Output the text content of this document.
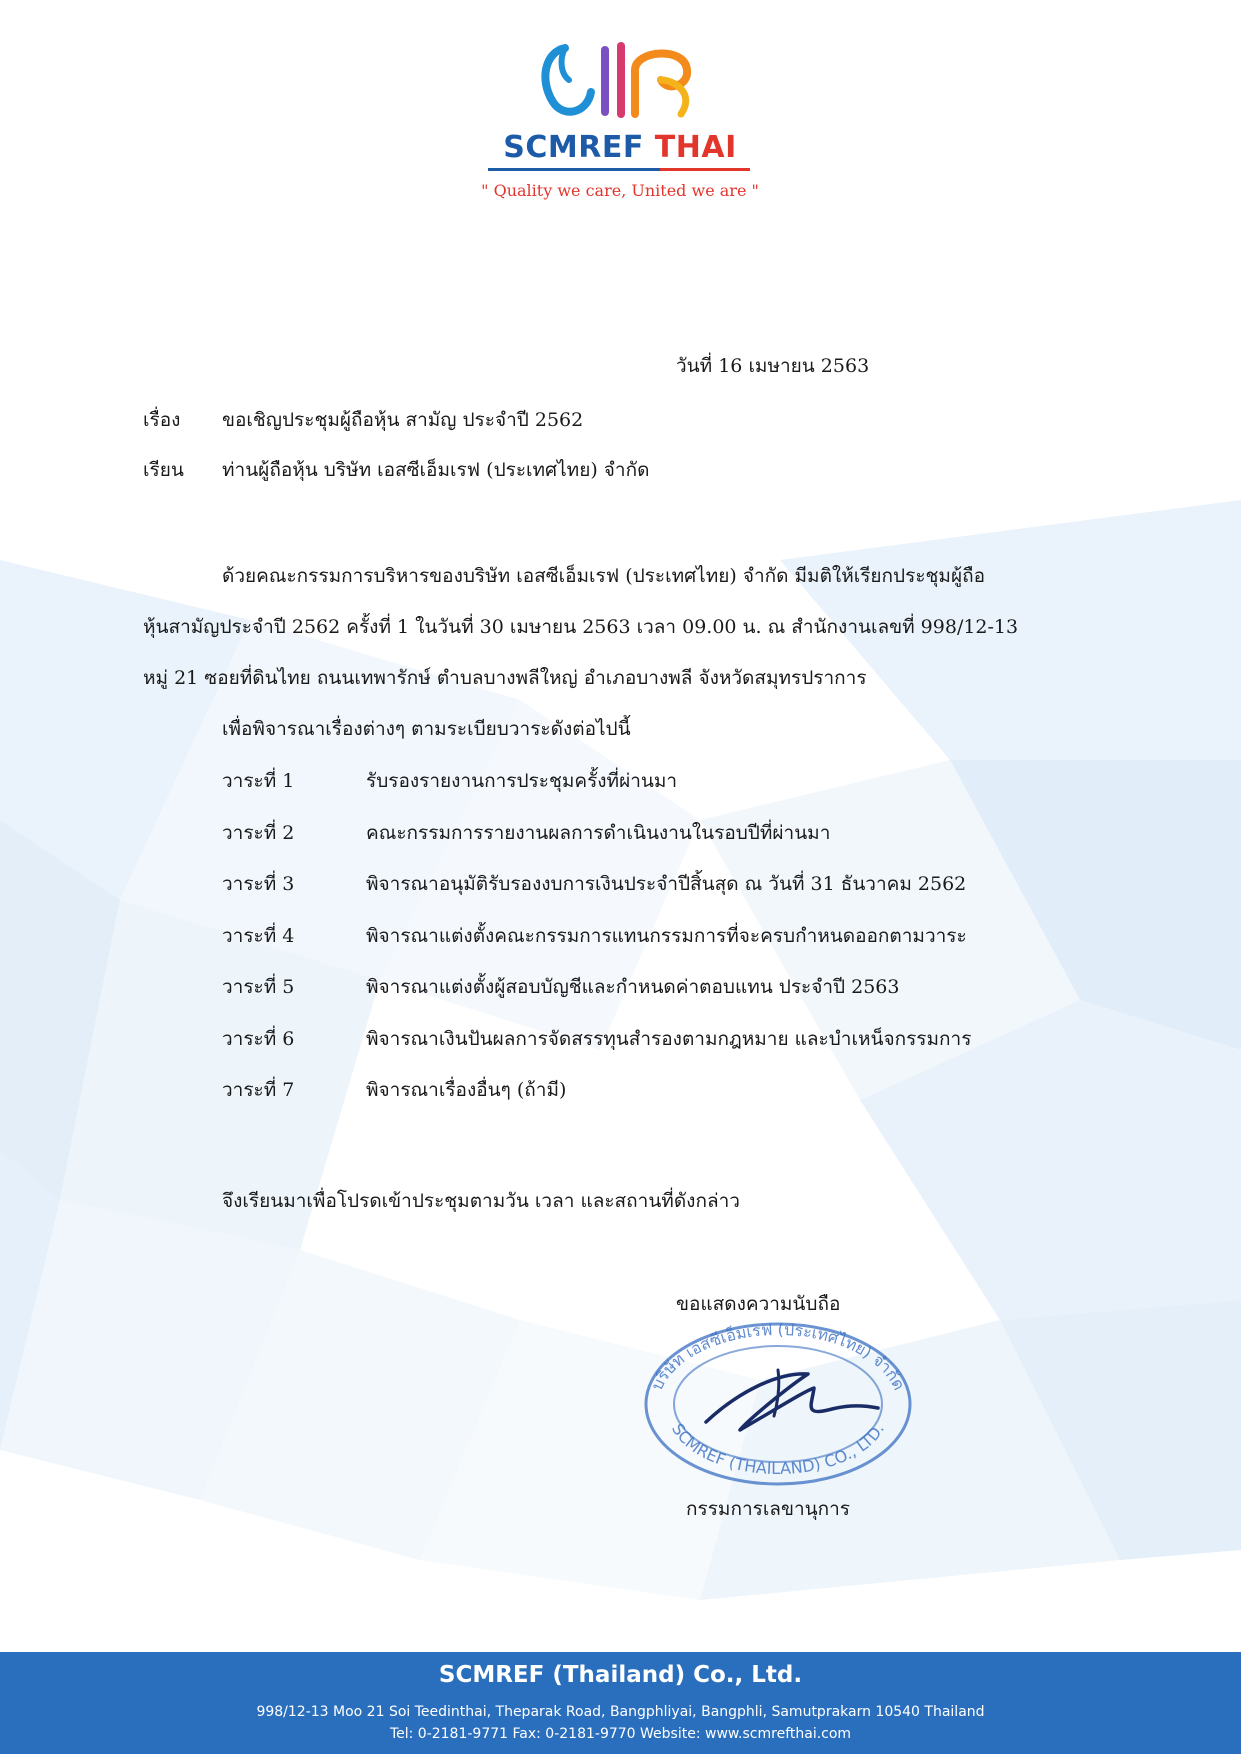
SCMREF THAI
" Quality we care, United we are "
วันที่ 16 เมษายน 2563
เรื่อง ขอเชิญประชุมผู้ถือหุ้น สามัญ ประจำปี 2562
เรียน ท่านผู้ถือหุ้น บริษัท เอสซีเอ็มเรฟ (ประเทศไทย) จำกัด
ด้วยคณะกรรมการบริหารของบริษัท เอสซีเอ็มเรฟ (ประเทศไทย) จำกัด มีมติให้เรียกประชุมผู้ถือ
หุ้นสามัญประจำปี 2562 ครั้งที่ 1 ในวันที่ 30 เมษายน 2563 เวลา 09.00 น. ณ สำนักงานเลขที่ 998/12-13
หมู่ 21 ซอยที่ดินไทย ถนนเทพารักษ์ ตำบลบางพลีใหญ่ อำเภอบางพลี จังหวัดสมุทรปราการ
เพื่อพิจารณาเรื่องต่างๆ ตามระเบียบวาระดังต่อไปนี้
วาระที่ 1	รับรองรายงานการประชุมครั้งที่ผ่านมา
วาระที่ 2	คณะกรรมการรายงานผลการดำเนินงานในรอบปีที่ผ่านมา
วาระที่ 3	พิจารณาอนุมัติรับรองงบการเงินประจำปีสิ้นสุด ณ วันที่ 31 ธันวาคม 2562
วาระที่ 4	พิจารณาแต่งตั้งคณะกรรมการแทนกรรมการที่จะครบกำหนดออกตามวาระ
วาระที่ 5	พิจารณาแต่งตั้งผู้สอบบัญชีและกำหนดค่าตอบแทน ประจำปี 2563
วาระที่ 6	พิจารณาเงินปันผลการจัดสรรทุนสำรองตามกฎหมาย และบำเหน็จกรรมการ
วาระที่ 7	พิจารณาเรื่องอื่นๆ (ถ้ามี)
จึงเรียนมาเพื่อโปรดเข้าประชุมตามวัน เวลา และสถานที่ดังกล่าว
ขอแสดงความนับถือ
บริษัท เอสซีเอ็มเรฟ (ประเทศไทย) จำกัด
SCMREF (THAILAND) CO., LTD.
กรรมการเลขานุการ
SCMREF (Thailand) Co., Ltd.
998/12-13 Moo 21 Soi Teedinthai, Theparak Road, Bangphliyai, Bangphli, Samutprakarn 10540 Thailand
Tel: 0-2181-9771 Fax: 0-2181-9770 Website: www.scmrefthai.com
